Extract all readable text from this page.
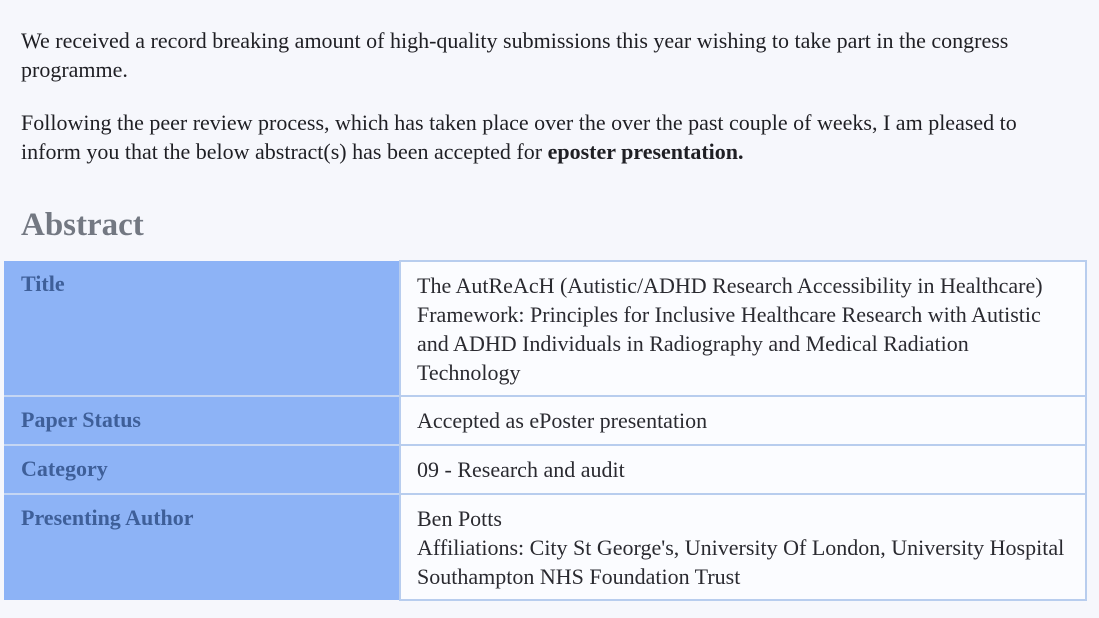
We received a record breaking amount of high-quality submissions this year wishing to take part in the congress programme.

Following the peer review process, which has taken place over the over the past couple of weeks, I am pleased to inform you that the below abstract(s) has been accepted for eposter presentation.

Abstract
Title	The AutReAcH (Autistic/ADHD Research Accessibility in Healthcare) Framework: Principles for Inclusive Healthcare Research with Autistic and ADHD Individuals in Radiography and Medical Radiation Technology
Paper Status	Accepted as ePoster presentation
Category	09 - Research and audit
Presenting Author	Ben Potts
Affiliations: City St George's, University Of London, University Hospital Southampton NHS Foundation Trust
